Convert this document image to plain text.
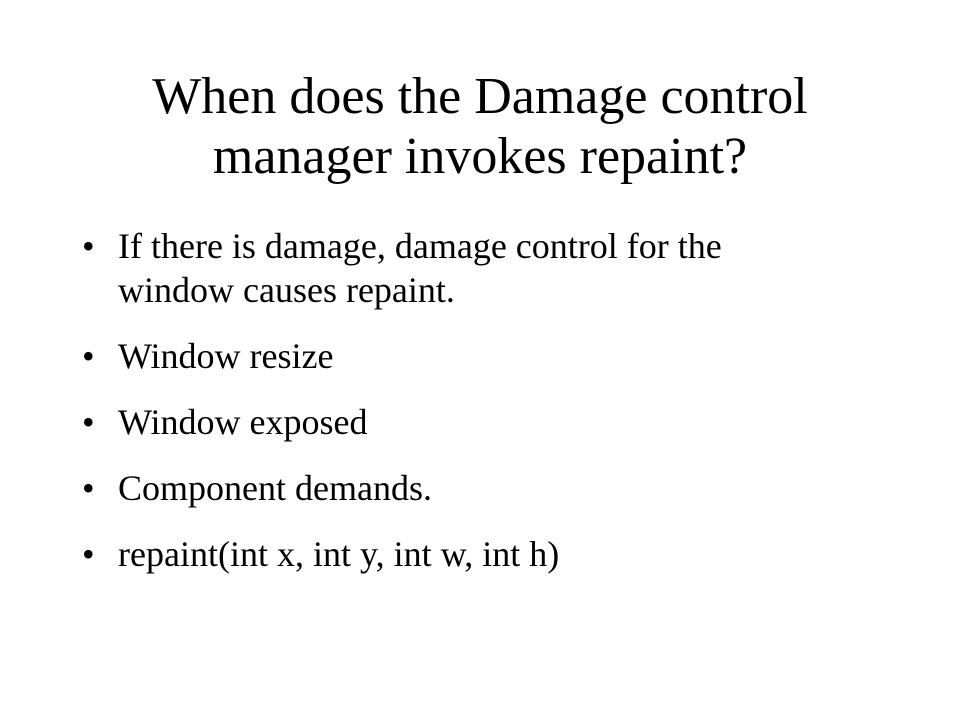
When does the Damage control
manager invokes repaint?
• If there is damage, damage control for the window causes repaint.
• Window resize
• Window exposed
• Component demands.
• repaint(int x, int y, int w, int h)
